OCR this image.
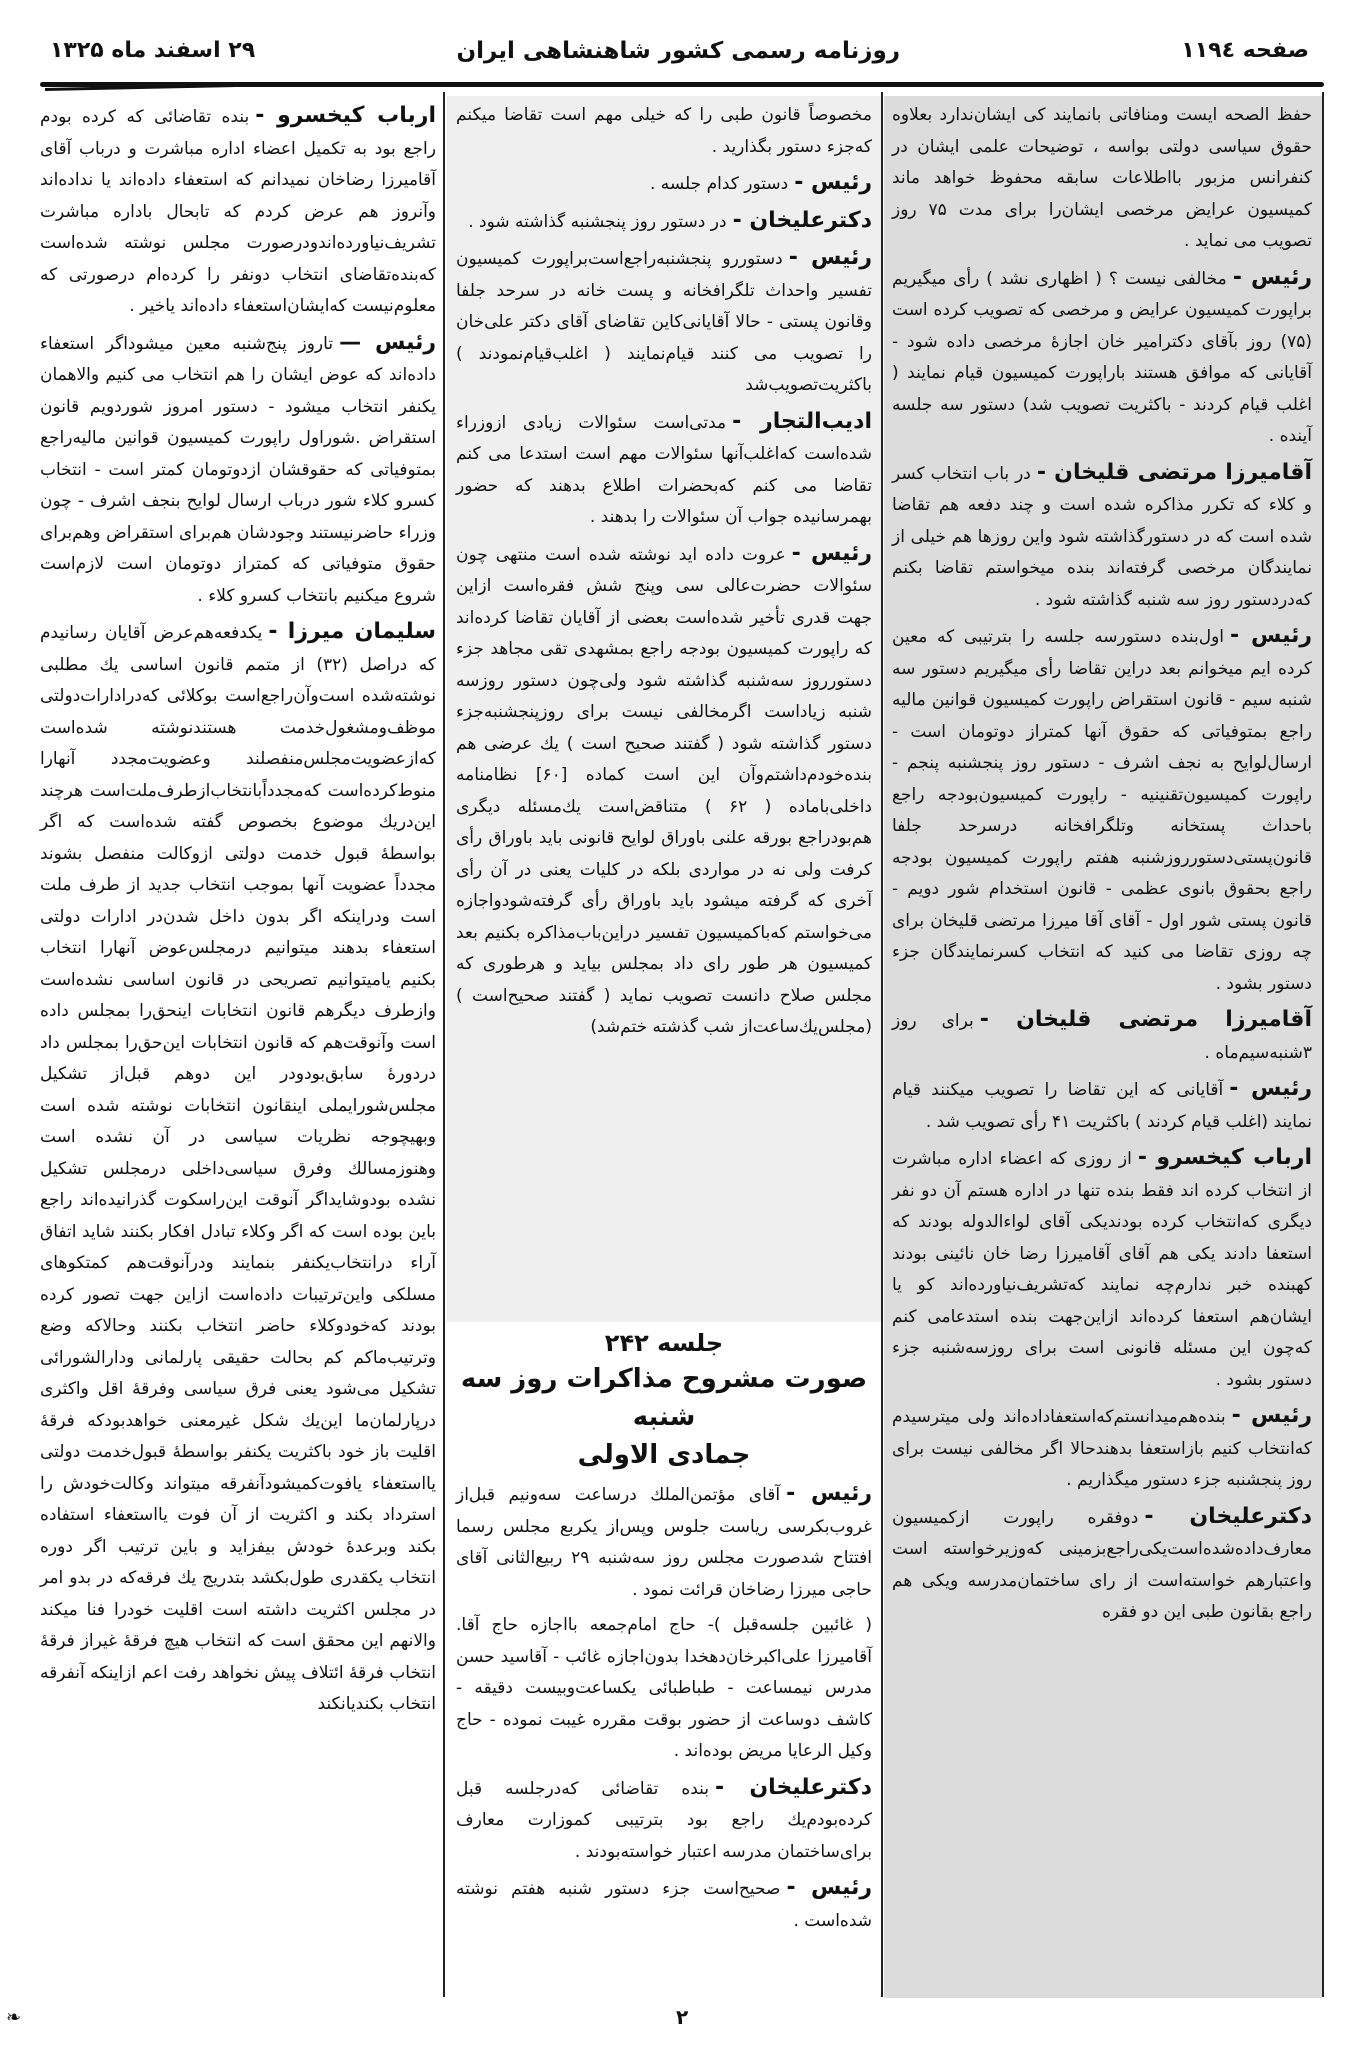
صفحه ۱۱۹٤
روزنامه رسمی کشور شاهنشاهی ایران
۲۹ اسفند ماه ۱۳۲۵

حفظ الصحه ایست ومنافاتی بانمایند کی ایشان‌ندارد بعلاوه حقوق سیاسی دولتی بواسه ، توضیحات علمی ایشان در کنفرانس مزبور بااطلاعات سابقه محفوظ خواهد ماند کمیسیون عرایض مرخصی ایشان‌را برای مدت ۷۵ روز تصویب می نماید .

رئیس -مخالفی نیست ؟ ( اظهاری نشد ) رأی میگیریم براپورت کمیسیون عرایض و مرخصی که تصویب کرده است (۷۵) روز بآقای دکترامیر خان اجازهٔ مرخصی داده شود - آقایانی که موافق هستند باراپورت کمیسیون قیام نمایند ( اغلب قیام کردند - باکثریت تصویب شد) دستور سه جلسه آینده .

آقامیرزا مرتضی قلیخان -در باب انتخاب کسر و کلاء که تکرر مذاکره شده است و چند دفعه هم تقاضا شده است که در دستورگذاشته شود واین روزها هم خیلی از نمایندگان مرخصی گرفته‌اند بنده میخواستم تقاضا بکنم که‌دردستور روز سه شنبه گذاشته شود .

رئیس -اول‌بنده دستورسه جلسه را بترتیبی که معین کرده ایم میخوانم بعد دراین تقاضا رأی میگیریم دستور سه شنبه سیم - قانون استقراض راپورت کمیسیون قوانین مالیه راجع بمتوفیاتی که حقوق آنها کمتراز دوتومان است - ارسال‌لوایح به نجف اشرف - دستور روز پنجشنبه پنجم - راپورت کمیسیون‌تقنینیه - راپورت کمیسیون‌بودجه راجع باحداث پستخانه وتلگرافخانه درسرحد جلفا قانون‌پستی‌دستورروزشنبه هفتم راپورت کمیسیون بودجه راجع بحقوق بانوی عظمی - قانون استخدام شور دویم - قانون پستی شور اول - آقای آقا میرزا مرتضی قلیخان برای چه روزی تقاضا می کنید که انتخاب کسرنمایندگان جزء دستور بشود .

آقامیرزا مرتضی قلیخان -برای روز ۳شنبه‌سیم‌ماه .

رئیس -آقایانی که این تقاضا را تصویب میکنند قیام نمایند (اغلب قیام کردند ) باکثریت ۴۱ رأی تصویب شد .

ارباب کیخسرو -از روزی که اعضاء اداره مباشرت از انتخاب کرده اند فقط بنده تنها در اداره هستم آن دو نفر دیگری که‌انتخاب کرده بودندیکی آقای لواءالدوله بودند که استعفا دادند یکی هم آقای آقامیرزا رضا خان نائینی بودند کهبنده خبر ندارم‌چه نمایند که‌تشریف‌نیاورده‌اند کو یا ایشان‌هم استعفا کرده‌اند ازاین‌جهت بنده استدعامی کنم که‌چون این مسئله قانونی است برای روزسه‌شنبه جزء دستور بشود .

رئیس -بنده‌هم‌میدانستم‌که‌استعفاداده‌اند ولی میترسیدم که‌انتخاب کنیم بازاستعفا بدهندحالا اگر مخالفی نیست برای روز پنجشنبه جزء دستور میگذاریم .

دکترعلیخان -دوفقره راپورت ازکمیسیون معارف‌داده‌شده‌است‌یکی‌راجع‌بزمینی که‌وزیرخواسته است واعتبارهم خواسته‌است از رای ساختمان‌مدرسه ویکی هم راجع بقانون طبی این دو فقره

مخصوصاً قانون طبی را که خیلی مهم است تقاضا میکنم که‌جزء دستور بگذارید .

رئیس -دستور کدام جلسه .

دکترعلیخان -در دستور روز پنجشنبه گذاشته شود .

رئیس -دستوررو پنجشنبه‌راجع‌است‌براپورت کمیسیون تفسیر واحداث تلگرافخانه و پست خانه در سرحد جلفا وقانون پستی - حالا آقایانی‌کاین تقاضای آقای دکتر علی‌خان را تصویب می کنند قیام‌نمایند ( اغلب‌قیام‌نمودند ) باکثریت‌تصویب‌شد

ادیب‌التجار -مدتی‌است سئوالات زیادی ازوزراء شده‌است که‌اغلب‌آنها سئوالات مهم است استدعا می کنم تقاضا می کنم که‌بحضرات اطلاع بدهند که حضور بهمرسانیده جواب آن سئوالات را بدهند .

رئیس -عروت داده اید نوشته شده است منتهی چون سئوالات حضرت‌عالی سی وپنج شش فقره‌است ازاین جهت قدری تأخیر شده‌است بعضی از آقایان تقاضا کرده‌اند که راپورت کمیسیون بودجه راجع بمشهدی تقی مجاهد جزء دستورروز سه‌شنبه گذاشته شود ولی‌چون دستور روزسه شنبه زیاداست اگرمخالفی نیست برای روزپنجشنبه‌جزء دستور گذاشته شود ( گفتند صحیح است ) یك عرضی هم بنده‌خودم‌داشتم‌وآن این است کماده [۶۰] نظامنامه داخلی‌باماده ( ۶۲ ) متناقض‌است یك‌مسئله دیگری هم‌بودراجع بورقه علنی باوراق لوایح قانونی باید باوراق رأی کرفت ولی نه در مواردی بلکه در کلیات یعنی در آن رأی آخری که گرفته میشود باید باوراق رأی گرفته‌شودواجازه می‌خواستم که‌باکمیسیون تفسیر دراین‌باب‌مذاکره بکنیم بعد کمیسیون هر طور رای داد بمجلس بیاید و هرطوری که مجلس صلاح دانست تصویب نماید ( گفتند صحیح‌است ) (مجلس‌یك‌ساعت‌از شب گذشته ختم‌شد)

جلسه ۲۴۲
صورت مشروح مذاکرات روز سه شنبه
جمادی الاولی

رئیس -آقای مؤتمن‌الملك درساعت سه‌ونیم قبل‌از غروب‌بکرسی ریاست جلوس وپس‌از یکربع مجلس رسما افتتاح شدصورت مجلس روز سه‌شنبه ۲۹ ربیع‌الثانی آقای حاجی میرزا رضاخان قرائت نمود .

( غائبین جلسه‌قبل )- حاج امام‌جمعه بااجازه حاج آقا. آقامیرزا علی‌اکبرخان‌دهخدا بدون‌اجازه غائب - آقاسید حسن مدرس نیمساعت - طباطبائی یکساعت‌وبیست دقیقه - کاشف دوساعت از حضور بوقت مقرره غیبت نموده - حاج وکیل الرعایا مریض بوده‌اند .

دکترعلیخان -بنده تقاضائی که‌درجلسه قبل کرده‌بودم‌یك راجع بود بترتیبی کموزارت معارف برای‌ساختمان مدرسه اعتبار خواسته‌بودند .

رئیس -صحیح‌است جزء دستور شنبه هفتم نوشته شده‌است .

ارباب کیخسرو -بنده تقاضائی که کرده بودم راجع بود به تکمیل اعضاء اداره مباشرت و درباب آقای آقامیرزا رضاخان نمیدانم که استعفاء داده‌اند یا نداده‌اند وآنروز هم عرض کردم که تابحال باداره مباشرت تشریف‌نیاورده‌اندودرصورت مجلس نوشته شده‌است که‌بنده‌تقاضای انتخاب دونفر را کرده‌ام درصورتی که معلوم‌نیست که‌ایشان‌استعفاء داده‌اند یاخیر .

رئیس —تاروز پنج‌شنبه معین میشوداگر استعفاء داده‌اند که عوض ایشان را هم انتخاب می کنیم والاهمان یکنفر انتخاب میشود - دستور امروز شوردویم قانون استقراض .شوراول راپورت کمیسیون قوانین مالیه‌راجع بمتوفیاتی که حقوقشان ازدوتومان کمتر است - انتخاب کسرو کلاء شور درباب ارسال لوایح بنجف اشرف - چون وزراء حاضرنیستند وجودشان هم‌برای استقراض وهم‌برای حقوق متوفیاتی که کمتراز دوتومان است لازم‌است شروع میکنیم بانتخاب کسرو کلاء .

سلیمان میرزا -یکدفعه‌هم‌عرض آقایان رسانیدم که دراصل (۳۲) از متمم قانون اساسی یك مطلبی نوشته‌شده است‌وآن‌راجع‌است بوکلائی که‌درادارات‌دولتی موظف‌ومشغول‌خدمت هستندنوشته شده‌است که‌ازعضویت‌مجلس‌منفصلند وعضویت‌مجدد آنهارا منوط‌کرده‌است که‌مجدداًبانتخاب‌ازطرف‌ملت‌است هرچند این‌دریك موضوع بخصوص گفته شده‌است که اگر بواسطهٔ قبول خدمت دولتی ازوکالت منفصل بشوند مجدداً عضویت آنها بموجب انتخاب جدید از طرف ملت است ودراینکه اگر بدون داخل شدن‌در ادارات دولتی استعفاء بدهند میتوانیم درمجلس‌عوض آنهارا انتخاب بکنیم یامیتوانیم تصریحی در قانون اساسی نشده‌است واز‌طرف دیگرهم قانون انتخابات اینحق‌را بمجلس داده است وآنوقت‌هم که قانون انتخابات این‌حق‌را بمجلس داد دردورهٔ سابق‌بودودر این دوهم قبل‌از تشکیل مجلس‌شورایملی اینقانون انتخابات نوشته شده است وبهیچوجه نظریات سیاسی در آن نشده است وهنوزمسالك وفرق سیاسی‌داخلی درمجلس تشکیل نشده بودوشایداگر آنوقت این‌راسکوت گذرانیده‌اند راجع باین بوده است که اگر وکلاء تبادل افکار بکنند شاید اتفاق آراء درانتخاب‌یکنفر بنمایند ودرآنوقت‌هم کمتکوهای مسلکی واین‌ترتیبات داده‌است ازاین جهت تصور کرده بودند که‌خودوکلاء حاضر انتخاب بکنند وحالاکه وضع وترتیب‌ماکم کم بحالت حقیقی پارلمانی ودارالشورائی تشکیل می‌شود یعنی فرق سیاسی وفرقهٔ اقل واکثری درپارلمان‌ما این‌یك شکل غیرمعنی خواهدبودکه فرقهٔ اقلیت باز خود باکثریت یکنفر بواسطهٔ قبول‌خدمت دولتی یااستعفاء یافوت‌کمیشود‌آنفرقه میتواند وکالت‌خودش را استرداد بکند و اکثریت از آن فوت یااستعفاء استفاده بکند وبرعدهٔ خودش بیفزاید و باین ترتیب اگر دوره انتخاب یکقدری طول‌بکشد بتدریج یك فرقه‌که در بدو امر در مجلس اکثریت داشته است اقلیت خودرا فنا میکند والانهم این محقق است که انتخاب هیچ فرقهٔ غیراز فرقهٔ انتخاب فرقهٔ ائتلاف پیش نخواهد رفت اعم ازاینکه آنفرقه انتخاب بکندیانکند

❧	۲
